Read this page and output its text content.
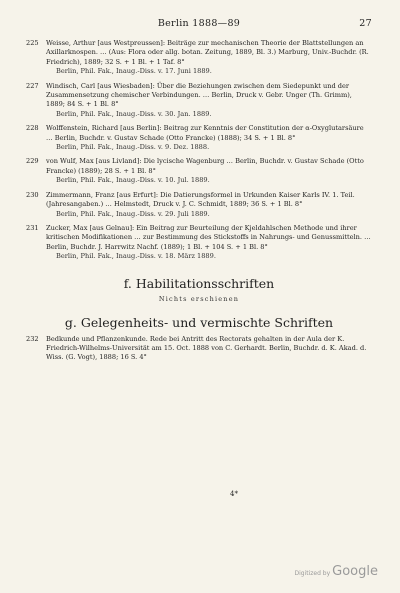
Berlin 1888—89	27
225	Weisse, Arthur [aus Westpreussen]: Beiträge zur mechanischen Theorie der Blattstellungen an Axillarknospen. … (Aus: Flora oder allg. botan. Zeitung, 1889, Bl. 3.) Marburg, Univ.-Buchdr. (R. Friedrich), 1889; 32 S. + 1 Bl. + 1 Taf. 8°
Berlin, Phil. Fak., Inaug.-Diss. v. 17. Juni 1889.
227	Windisch, Carl [aus Wiesbaden]: Über die Beziehungen zwischen dem Siedepunkt und der Zusammensetzung chemischer Verbindungen. … Berlin, Druck v. Gebr. Unger (Th. Grimm), 1889; 84 S. + 1 Bl. 8°
Berlin, Phil. Fak., Inaug.-Diss. v. 30. Jan. 1889.
228	Wolffenstein, Richard [aus Berlin]: Beitrag zur Kenntnis der Constitution der α-Oxyglutarsäure … Berlin, Buchdr. v. Gustav Schade (Otto Francke) (1888); 34 S. + 1 Bl. 8°
Berlin, Phil. Fak., Inaug.-Diss. v. 9. Dez. 1888.
229	von Wulf, Max [aus Livland]: Die lycische Wagenburg … Berlin, Buchdr. v. Gustav Schade (Otto Francke) (1889); 28 S. + 1 Bl. 8°
Berlin, Phil. Fak., Inaug.-Diss. v. 10. Jul. 1889.
230	Zimmermann, Franz [aus Erfurt]: Die Datierungsformel in Urkunden Kaiser Karls IV. 1. Teil. (Jahresangaben.) … Helmstedt, Druck v. J. C. Schmidt, 1889; 36 S. + 1 Bl. 8°
Berlin, Phil. Fak., Inaug.-Diss. v. 29. Juli 1889.
231	Zucker, Max [aus Gelnau]: Ein Beitrag zur Beurteilung der Kjeldahlschen Methode und ihrer kritischen Modifikationen … zur Bestimmung des Stickstoffs in Nahrungs- und Genussmitteln. … Berlin, Buchdr. J. Harrwitz Nachf. (1889); 1 Bl. + 104 S. + 1 Bl. 8°
Berlin, Phil. Fak., Inaug.-Diss. v. 18. März 1889.
f. Habilitationsschriften
Nichts erschienen
g. Gelegenheits- und vermischte Schriften
232	Bedkunde und Pflanzenkunde. Rede bei Antritt des Rectorats gehalten in der Aula der K. Friedrich-Wilhelms-Universität am 15. Oct. 1888 von C. Gerhardt. Berlin, Buchdr. d. K. Akad. d. Wiss. (G. Vogt), 1888; 16 S. 4°
4*
Digitized by Google
